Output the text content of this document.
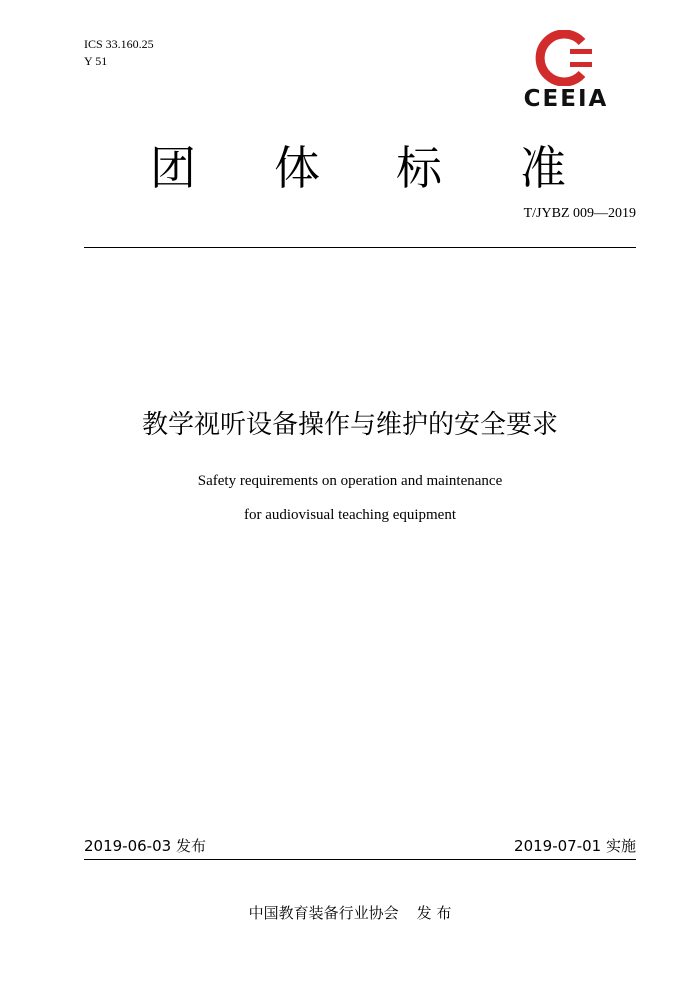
ICS 33.160.25
Y 51
CEEIA
团 体 标 准
T/JYBZ 009—2019
教学视听设备操作与维护的安全要求
Safety requirements on operation and maintenance
for audiovisual teaching equipment
2019-06-03 发布	2019-07-01 实施
中国教育装备行业协会 发 布
